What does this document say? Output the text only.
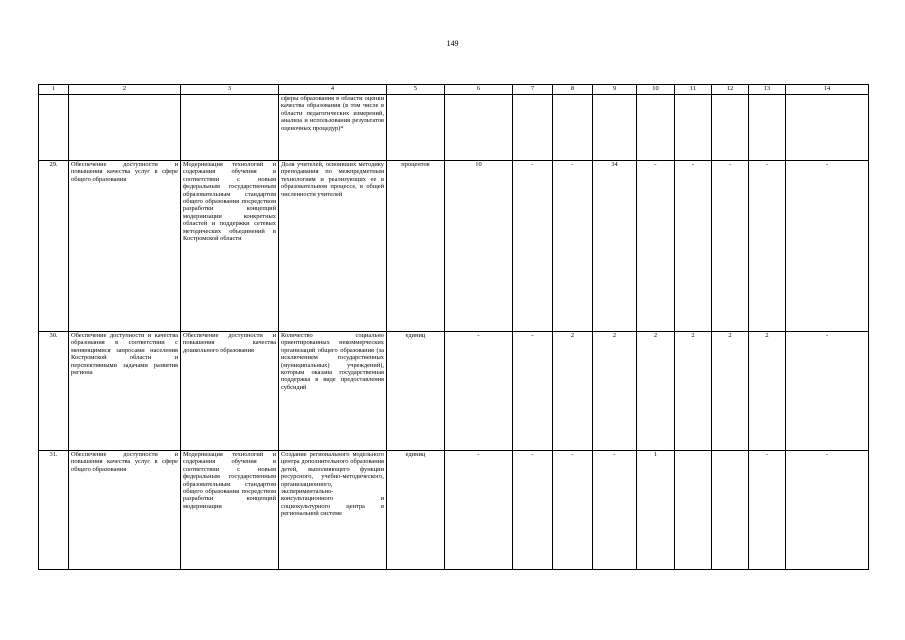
149
1	2	3	4	5	6	7	8	9	10	11	12	13	14
			сферы образования в области оценки качества образования (в том числе в области педагогических измерений, анализа и использования результатов оценочных процедур)*										
29.	Обеспечение доступности и повышения качества услуг в сфере общего образования	Модернизация технологий и содержания обучения в соответствии с новым федеральным государственным образовательным стандартом общего образования посредством разработки концепций модернизации конкретных областей и поддержки сетевых методических объединений в Костромской области	Доля учителей, освоивших методику преподавания по межпредметным технологиям и реализующих ее в образовательном процессе, в общей численности учителей	процентов	10	-	-	34	-	-	-	-	-
30.	Обеспечение доступности и качества образования в соответствии с меняющимися запросами населения Костромской области и перспективными задачами развития региона	Обеспечение доступности и повышения качества дошкольного образования	Количество социально ориентированных некоммерческих организаций общего образования (за исключением государственных (муниципальных) учреждений), которым оказана государственная поддержка в виде предоставления субсидий	единиц	-	-	2	2	2	2	2	2	-
31.	Обеспечение доступности и повышения качества услуг в сфере общего образования	Модернизация технологий и содержания обучения в соответствии с новым федеральным государственным образовательным стандартом общего образования посредством разработки концепций модернизации	Создание регионального модельного центра дополнительного образования детей, выполняющего функции ресурсного, учебно-методического, организационного, экспериментально-консультационного и социокультурного центра в региональной системе	единиц	-	-	-	-	1			-	-
